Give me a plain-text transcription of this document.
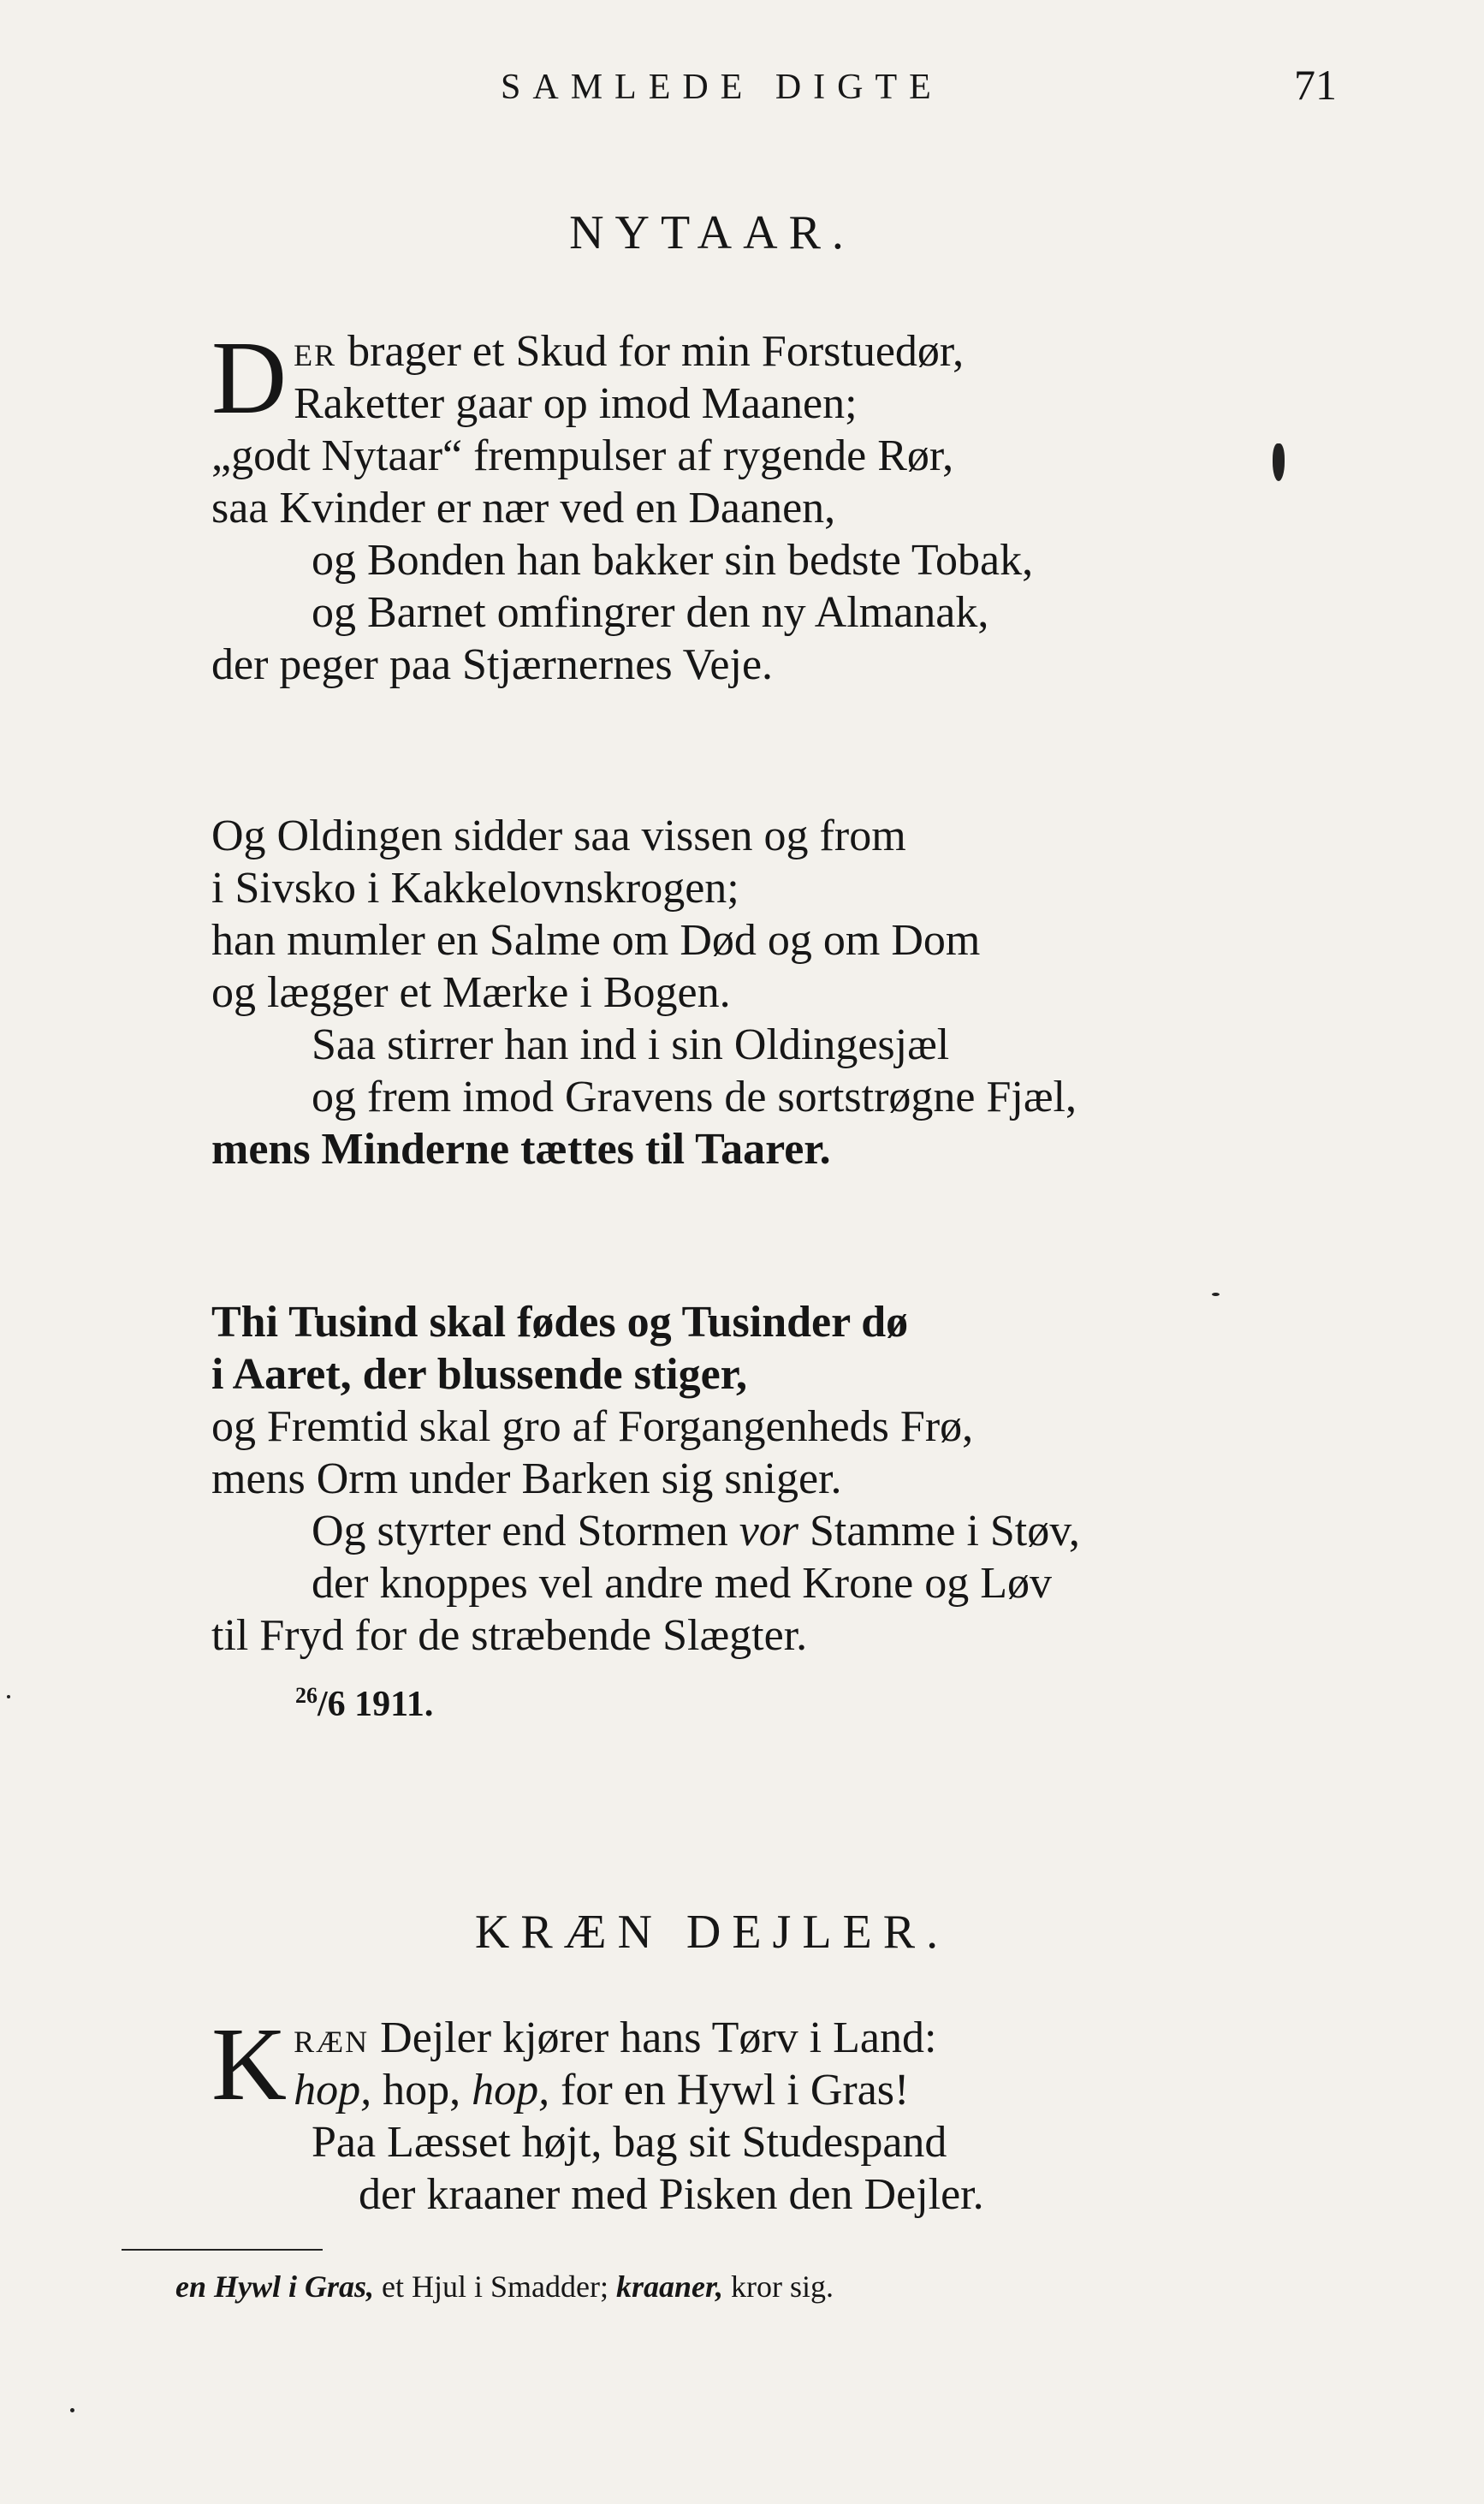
SAMLEDE DIGTE	71
NYTAAR.
D ER brager et Skud for min Forstuedør,
Raketter gaar op imod Maanen;
„godt Nytaar“ frempulser af rygende Rør,
saa Kvinder er nær ved en Daanen,
og Bonden han bakker sin bedste Tobak,
og Barnet omfingrer den ny Almanak,
der peger paa Stjærnernes Veje.
Og Oldingen sidder saa vissen og from
i Sivsko i Kakkelovnskrogen;
han mumler en Salme om Død og om Dom
og lægger et Mærke i Bogen.
Saa stirrer han ind i sin Oldingesjæl
og frem imod Gravens de sortstrøgne Fjæl,
mens Minderne tættes til Taarer.
Thi Tusind skal fødes og Tusinder dø
i Aaret, der blussende stiger,
og Fremtid skal gro af Forgangenheds Frø,
mens Orm under Barken sig sniger.
Og styrter end Stormen vor Stamme i Støv,
der knoppes vel andre med Krone og Løv
til Fryd for de stræbende Slægter.
$^{26}$/6 1911.
KRÆN DEJLER.
K RÆN Dejler kjører hans Tørv i Land:
hop, hop, hop, for en Hywl i Gras!
Paa Læsset højt, bag sit Studespand
der kraaner med Pisken den Dejler.
en Hywl i Gras, et Hjul i Smadder; kraaner, kror sig.
